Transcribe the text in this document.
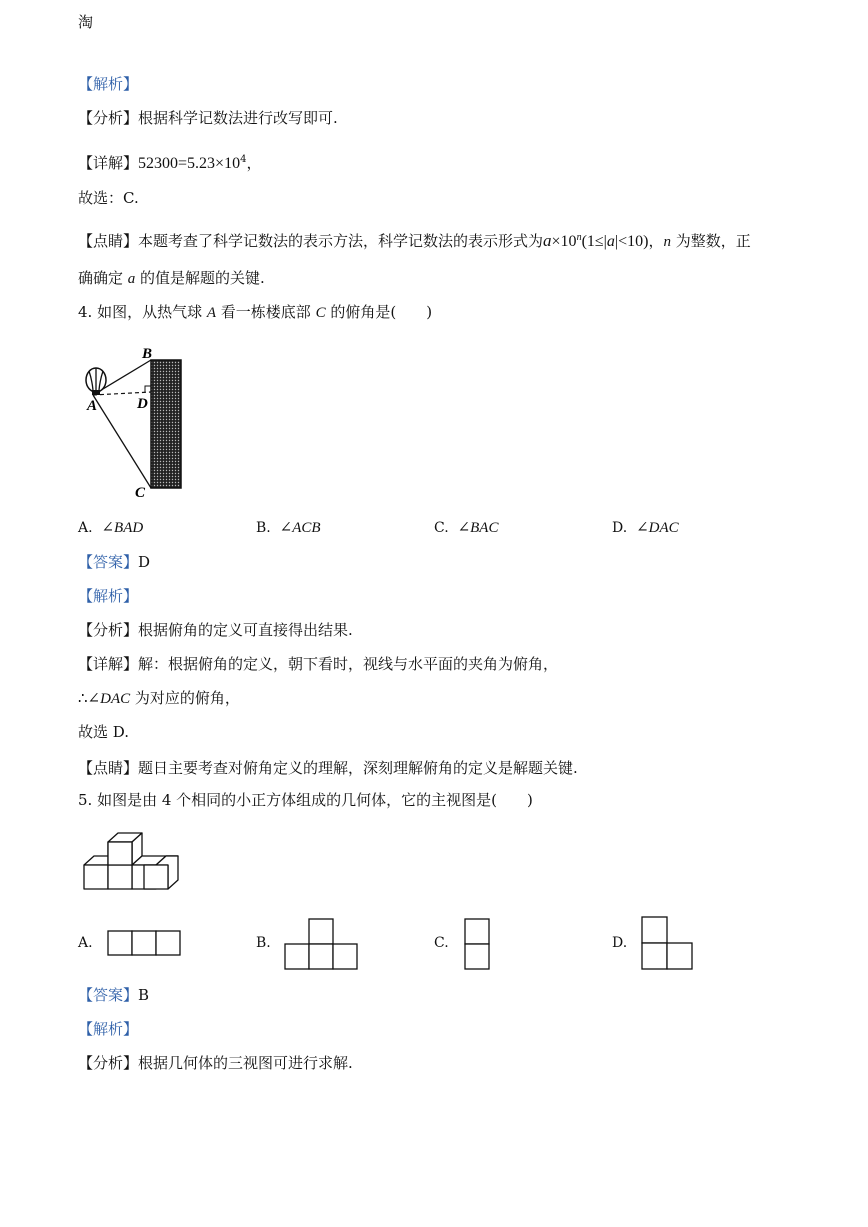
淘
【解析】
【分析】根据科学记数法进行改写即可.
【详解】$52300=5.23\times 10^4$，
故选：C.
【点睛】本题考查了科学记数法的表示方法，科学记数法的表示形式为$a\times 10^n(1\le|a|<10)$，n 为整数，正
确确定 a 的值是解题的关键.
4. 如图，从热气球 A 看一栋楼底部 C 的俯角是(　　)
B
A	D
C
A. ∠BAD	B. ∠ACB	C. ∠BAC	D. ∠DAC
【答案】D
【解析】
【分析】根据俯角的定义可直接得出结果.
【详解】解：根据俯角的定义，朝下看时，视线与水平面的夹角为俯角，
∴∠DAC 为对应的俯角，
故选 D.
【点睛】题日主要考查对俯角定义的理解，深刻理解俯角的定义是解题关键.
5. 如图是由 4 个相同的小正方体组成的几何体，它的主视图是(　　)
A.	B.	C.	D.
【答案】B
【解析】
【分析】根据几何体的三视图可进行求解.
